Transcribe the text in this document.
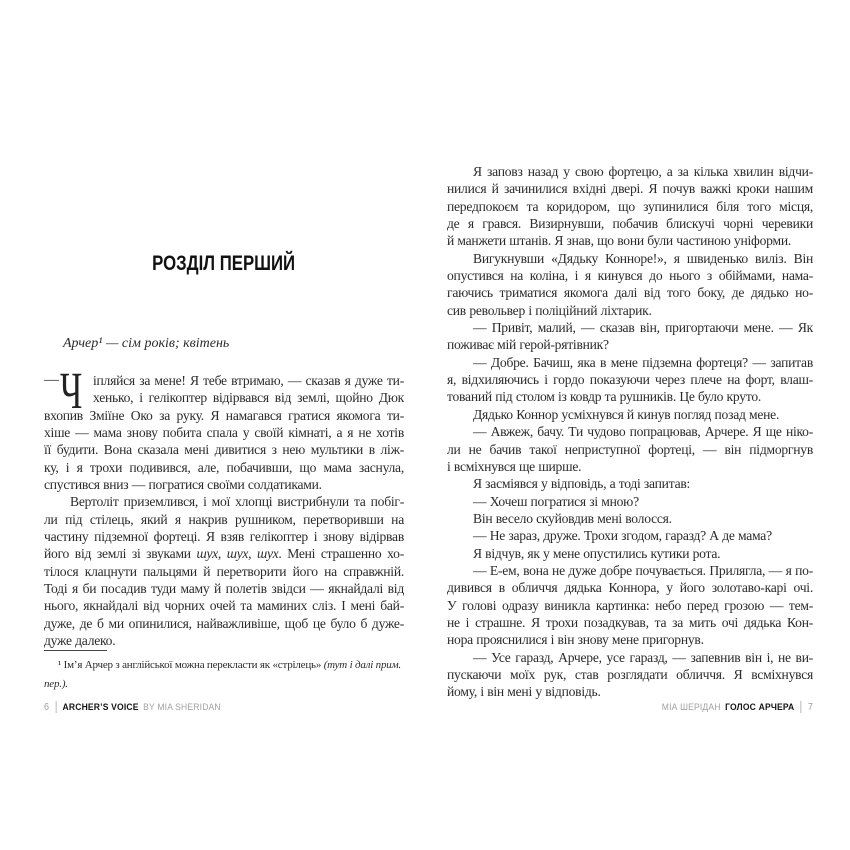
РОЗДІЛ ПЕРШИЙ
Арчер¹ — сім років; квітень
— Ч іпляйся за мене! Я тебе втримаю, — сказав я дуже ти-
хенько, і гелікоптер відірвався від землі, щойно Дюк
вхопив Зміїне Око за руку. Я намагався гратися якомога ти-
хіше — мама знову побита спала у своїй кімнаті, а я не хотів
її будити. Вона сказала мені дивитися з нею мультики в ліж-
ку, і я трохи подивився, але, побачивши, що мама заснула,
спустився вниз — погратися своїми солдатиками.
Вертоліт приземлився, і мої хлопці вистрибнули та побіг-
ли під стілець, який я накрив рушником, перетворивши на
частину підземної фортеці. Я взяв гелікоптер і знову відірвав
його від землі зі звуками шух, шух, шух. Мені страшенно хо-
тілося клацнути пальцями й перетворити його на справжній.
Тоді я би посадив туди маму й полетів звідси — якнайдалі від
нього, якнайдалі від чорних очей та маминих сліз. І мені бай-
дуже, де б ми опинилися, найважливіше, щоб це було б дуже-
дуже далеко.
¹ Ім’я Арчер з англійської можна перекласти як «стрілець» (тут і далі прим.
пер.).
6 ARCHER’S VOICE BY MIA SHERIDAN
Я заповз назад у свою фортецю, а за кілька хвилин відчи-
нилися й зачинилися вхідні двері. Я почув важкі кроки нашим
передпокоєм та коридором, що зупинилися біля того місця,
де я грався. Визирнувши, побачив блискучі чорні черевики
й манжети штанів. Я знав, що вони були частиною уніформи.
Вигукнувши «Дядьку Конноре!», я швиденько виліз. Він
опустився на коліна, і я кинувся до нього з обіймами, нама-
гаючись триматися якомога далі від того боку, де дядько но-
сив револьвер і поліційний ліхтарик.
— Привіт, малий, — сказав він, пригортаючи мене. — Як
поживає мій герой-рятівник?
— Добре. Бачиш, яка в мене підземна фортеця? — запитав
я, відхиляючись і гордо показуючи через плече на форт, влаш-
тований під столом із ковдр та рушників. Це було круто.
Дядько Коннор усміхнувся й кинув погляд позад мене.
— Авжеж, бачу. Ти чудово попрацював, Арчере. Я ще ніко-
ли не бачив такої неприступної фортеці, — він підморгнув
і всміхнувся ще ширше.
Я засміявся у відповідь, а тоді запитав:
— Хочеш погратися зі мною?
Він весело скуйовдив мені волосся.
— Не зараз, друже. Трохи згодом, гаразд? А де мама?
Я відчув, як у мене опустились кутики рота.
— Е-ем, вона не дуже добре почувається. Прилягла, — я по-
дивився в обличчя дядька Коннора, у його золотаво-карі очі.
У голові одразу виникла картинка: небо перед грозою — тем-
не і страшне. Я трохи позадкував, та за мить очі дядька Кон-
нора прояснилися і він знову мене пригорнув.
— Усе гаразд, Арчере, усе гаразд, — запевнив він і, не ви-
пускаючи моїх рук, став розглядати обличчя. Я всміхнувся
йому, і він мені у відповідь.
МІА ШЕРІДАН ГОЛОС АРЧЕРА 7
